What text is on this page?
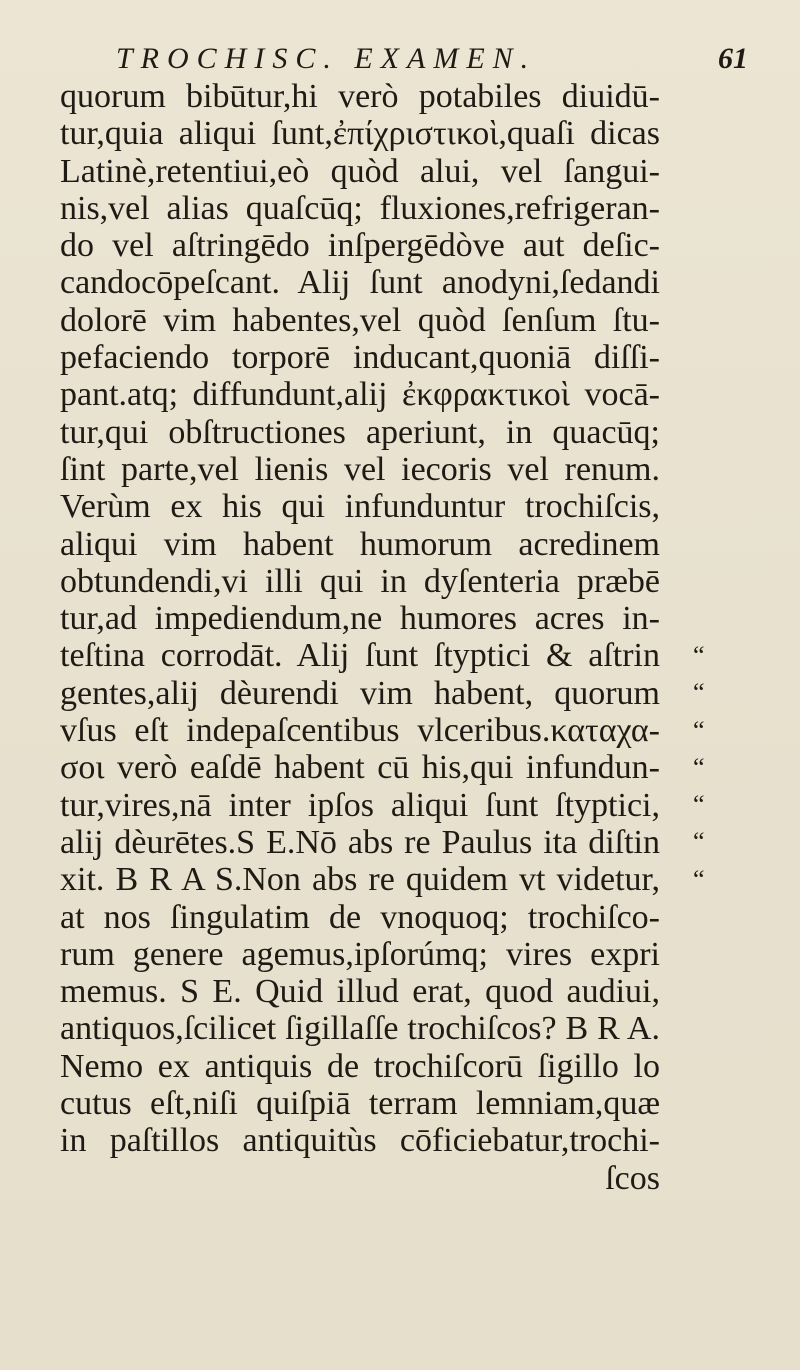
TROCHISC. EXAMEN.	61
quorum bibūtur,hi verò potabiles diuidū-
tur,quia aliqui ſunt,ἐπίχριστικοὶ,quaſi dicas
Latinè,retentiui,eò quòd alui, vel ſangui-
nis,vel alias quaſcūq; fluxiones,refrigeran-
do vel aſtringēdo inſpergēdòve aut deſic-
candocōpeſcant. Alij ſunt anodyni,ſedandi
dolorē vim habentes,vel quòd ſenſum ſtu-
pefaciendo torporē inducant,quoniā diſſi-
pant.atq; diffundunt,alij ἐκφρακτικοὶ vocā-
tur,qui obſtructiones aperiunt, in quacūq;
ſint parte,vel lienis vel iecoris vel renum.
Verùm ex his qui infunduntur trochiſcis,
aliqui vim habent humorum acredinem
obtundendi,vi illi qui in dyſenteria præbē
tur,ad impediendum,ne humores acres in-
teſtina corrodāt. Alij ſunt ſtyptici & aſtrin
gentes,alij dèurendi vim habent, quorum
vſus eſt indepaſcentibus vlceribus.καταχα-
σοι verò eaſdē habent cū his,qui infundun-
tur,vires,nā inter ipſos aliqui ſunt ſtyptici,
alij dèurētes.S E.Nō abs re Paulus ita diſtin
xit. B R A S.Non abs re quidem vt videtur,
at nos ſingulatim de vnoquoq; trochiſco-
rum genere agemus,ipſorúmq; vires expri
memus. S E. Quid illud erat, quod audiui,
antiquos,ſcilicet ſigillaſſe trochiſcos? B R A.
Nemo ex antiquis de trochiſcorū ſigillo lo
cutus eſt,niſi quiſpiā terram lemniam,quæ
in paſtillos antiquitùs cōficiebatur,trochi-
ſcos
“
“
“
“
“
“
“
